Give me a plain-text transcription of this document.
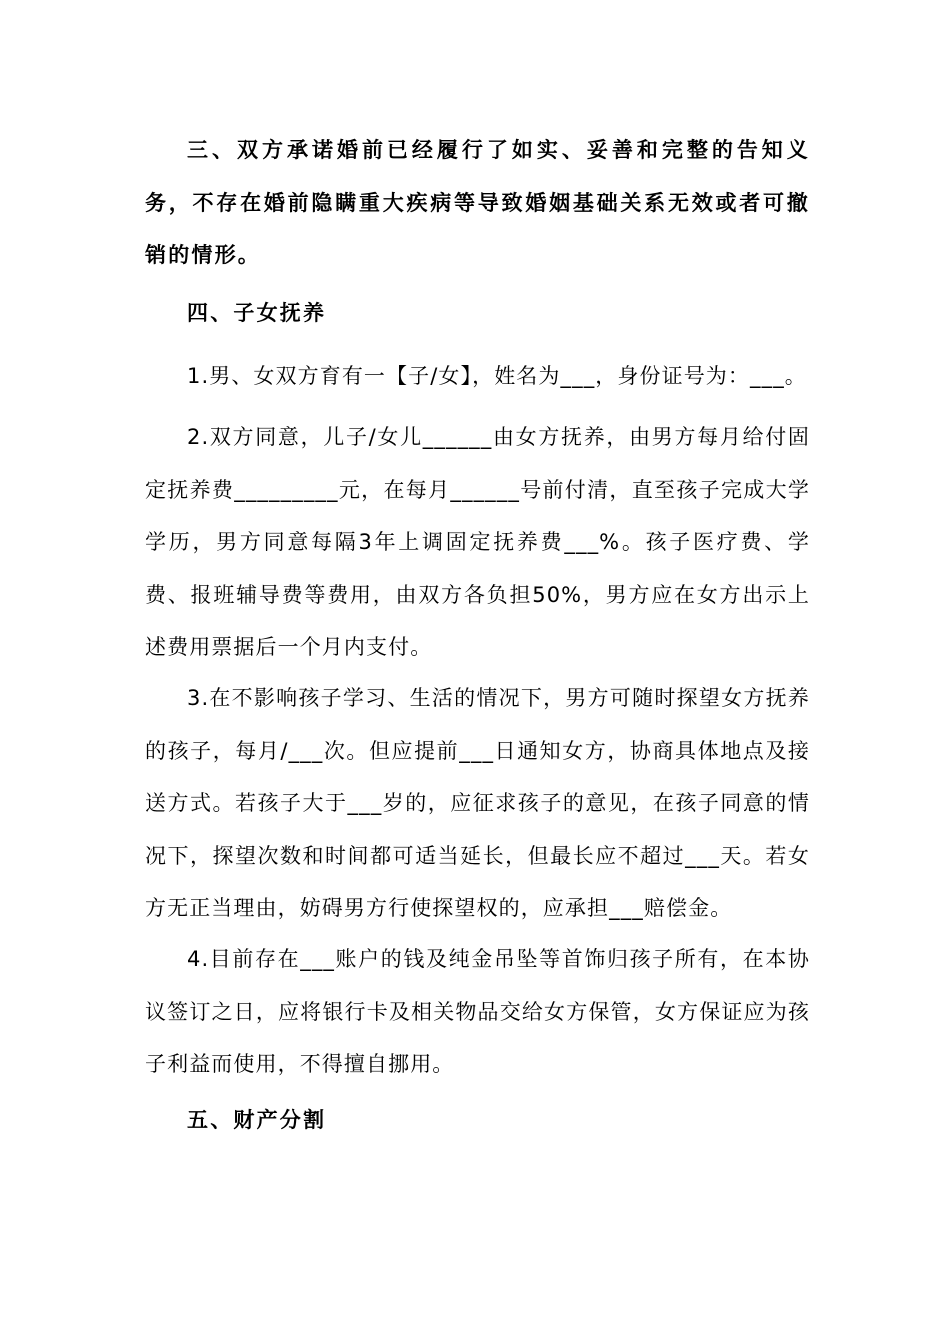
三、双方承诺婚前已经履行了如实、妥善和完整的告知义务，不存在婚前隐瞒重大疾病等导致婚姻基础关系无效或者可撤销的情形。

四、子女抚养

1.男、女双方育有一【子/女】，姓名为___，身份证号为：___。

2.双方同意，儿子/女儿______由女方抚养，由男方每月给付固定抚养费_________元，在每月______号前付清，直至孩子完成大学学历，男方同意每隔3年上调固定抚养费___%。孩子医疗费、学费、报班辅导费等费用，由双方各负担50%，男方应在女方出示上述费用票据后一个月内支付。

3.在不影响孩子学习、生活的情况下，男方可随时探望女方抚养的孩子，每月/___次。但应提前___日通知女方，协商具体地点及接送方式。若孩子大于___岁的，应征求孩子的意见，在孩子同意的情况下，探望次数和时间都可适当延长，但最长应不超过___天。若女方无正当理由，妨碍男方行使探望权的，应承担___赔偿金。

4.目前存在___账户的钱及纯金吊坠等首饰归孩子所有，在本协议签订之日，应将银行卡及相关物品交给女方保管，女方保证应为孩子利益而使用，不得擅自挪用。

五、财产分割
